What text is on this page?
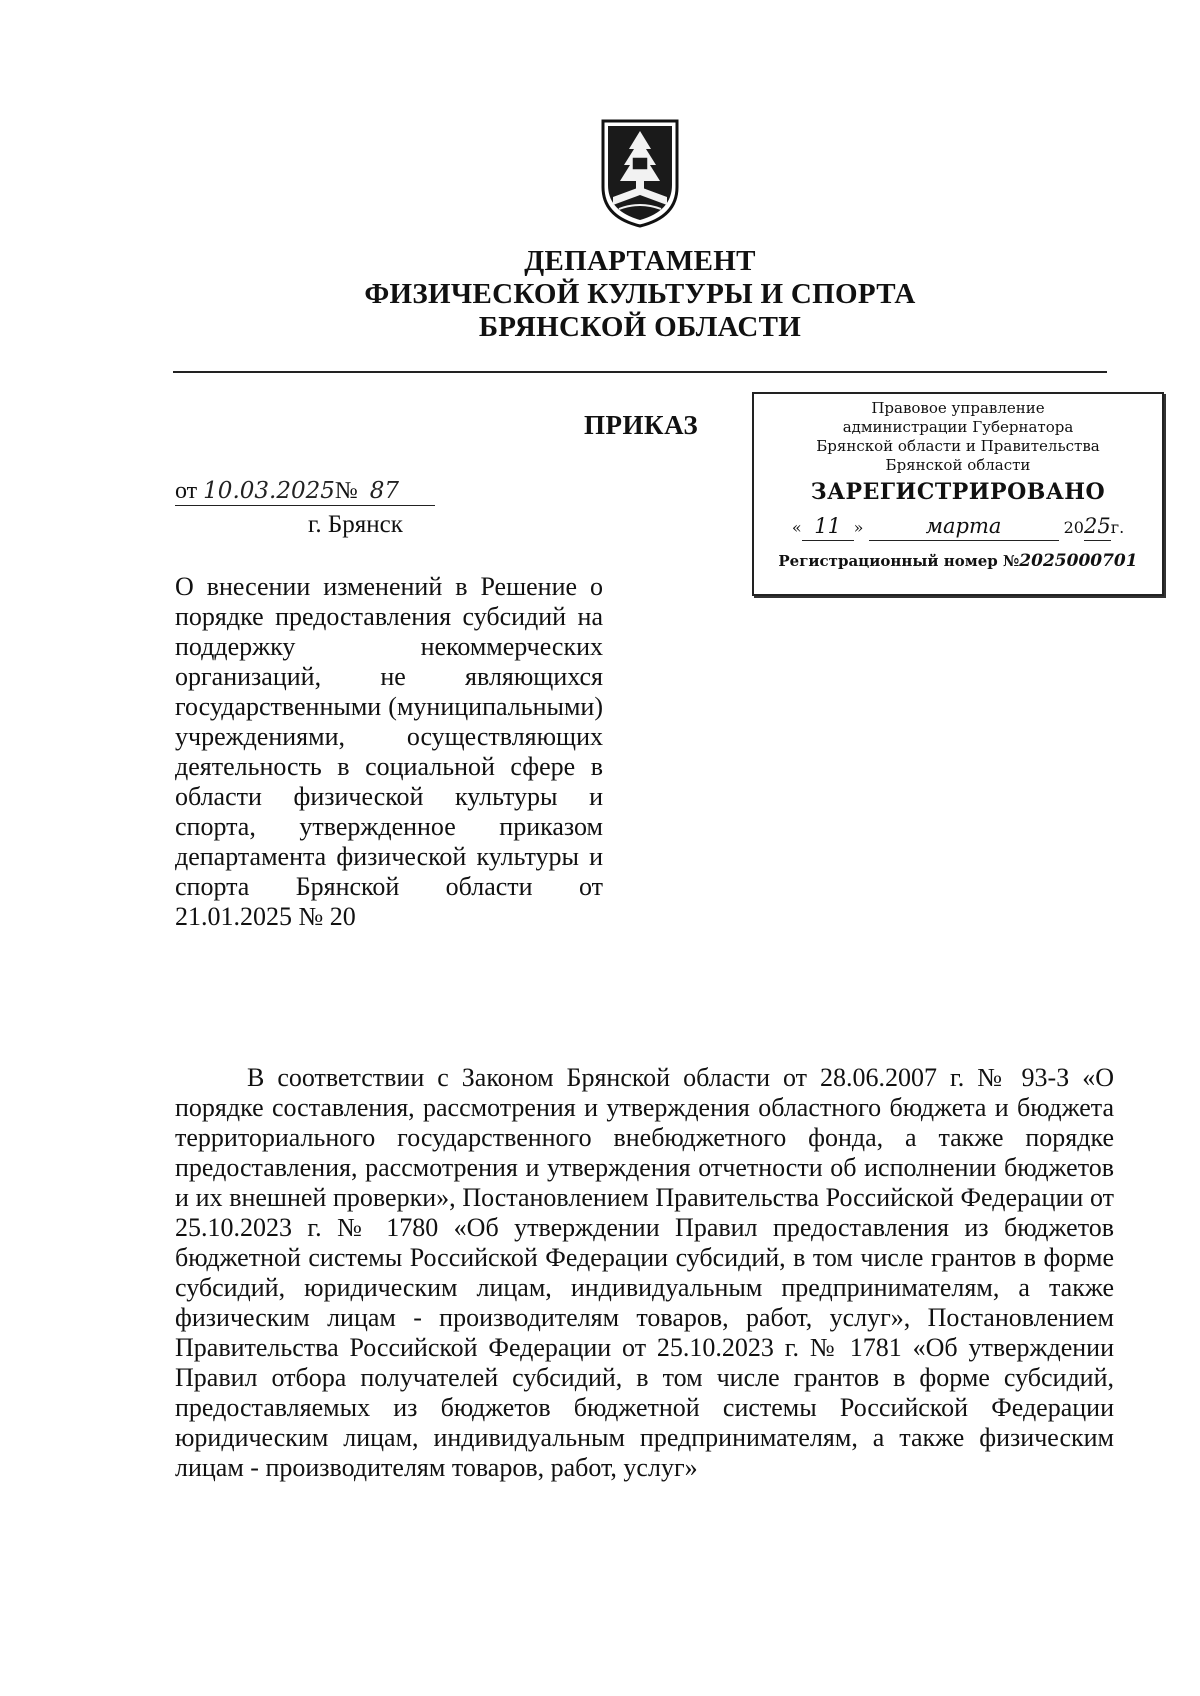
ДЕПАРТАМЕНТ
ФИЗИЧЕСКОЙ КУЛЬТУРЫ И СПОРТА
БРЯНСКОЙ ОБЛАСТИ
ПРИКАЗ
от 10.03.2025№ 87
г. Брянск
О внесении изменений в Решение о порядке предоставления субсидий на поддержку некоммерческих организаций, не являющихся государственными (муниципальными) учреждениями, осуществляющих деятельность в социальной сфере в области физической культуры и спорта, утвержденное приказом департамента физической культуры и спорта Брянской области от 21.01.2025 № 20
Правовое управление
администрации Губернатора
Брянской области и Правительства
Брянской области
ЗАРЕГИСТРИРОВАНО
« 11 »	марта	2025г.
Регистрационный номер №2025000701
В соответствии с Законом Брянской области от 28.06.2007 г. № 93-З «О порядке составления, рассмотрения и утверждения областного бюджета и бюджета территориального государственного внебюджетного фонда, а также порядке предоставления, рассмотрения и утверждения отчетности об исполнении бюджетов и их внешней проверки», Постановлением Правительства Российской Федерации от 25.10.2023 г. № 1780 «Об утверждении Правил предоставления из бюджетов бюджетной системы Российской Федерации субсидий, в том числе грантов в форме субсидий, юридическим лицам, индивидуальным предпринимателям, а также физическим лицам - производителям товаров, работ, услуг», Постановлением Правительства Российской Федерации от 25.10.2023 г. № 1781 «Об утверждении Правил отбора получателей субсидий, в том числе грантов в форме субсидий, предоставляемых из бюджетов бюджетной системы Российской Федерации юридическим лицам, индивидуальным предпринимателям, а также физическим лицам - производителям товаров, работ, услуг»
